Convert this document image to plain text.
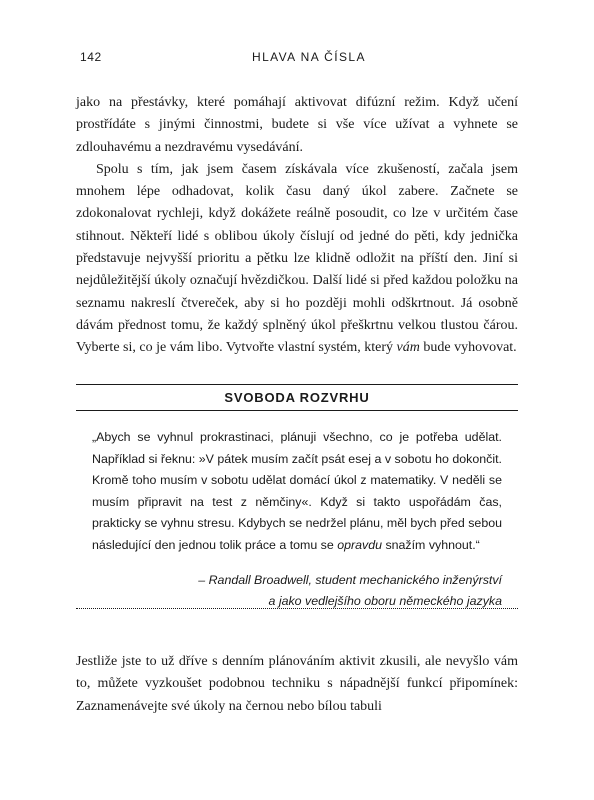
142	HLAVA NA ČÍSLA

jako na přestávky, které pomáhají aktivovat difúzní režim. Když učení prostřídáte s jinými činnostmi, budete si vše více užívat a vyhnete se zdlouhavému a nezdravému vysedávání.

Spolu s tím, jak jsem časem získávala více zkušeností, začala jsem mnohem lépe odhadovat, kolik času daný úkol zabere. Začnete se zdokonalovat rychleji, když dokážete reálně posoudit, co lze v určitém čase stihnout. Někteří lidé s oblibou úkoly číslují od jedné do pěti, kdy jednička představuje nejvyšší prioritu a pětku lze klidně odložit na příští den. Jiní si nejdůležitější úkoly označují hvězdičkou. Další lidé si před každou položku na seznamu nakreslí čtvereček, aby si ho později mohli odškrtnout. Já osobně dávám přednost tomu, že každý splněný úkol přeškrtnu velkou tlustou čárou. Vyberte si, co je vám libo. Vytvořte vlastní systém, který vám bude vyhovovat.

SVOBODA ROZVRHU

„Abych se vyhnul prokrastinaci, plánuji všechno, co je potřeba udělat. Například si řeknu: »V pátek musím začít psát esej a v sobotu ho dokončit. Kromě toho musím v sobotu udělat domácí úkol z matematiky. V neděli se musím připravit na test z němčiny«. Když si takto uspořádám čas, prakticky se vyhnu stresu. Kdybych se nedržel plánu, měl bych před sebou následující den jednou tolik práce a tomu se opravdu snažím vyhnout.“

– Randall Broadwell, student mechanického inženýrství
a jako vedlejšího oboru německého jazyka

Jestliže jste to už dříve s denním plánováním aktivit zkusili, ale nevyšlo vám to, můžete vyzkoušet podobnou techniku s nápadnější funkcí připomínek: Zaznamenávejte své úkoly na černou nebo bílou tabuli
